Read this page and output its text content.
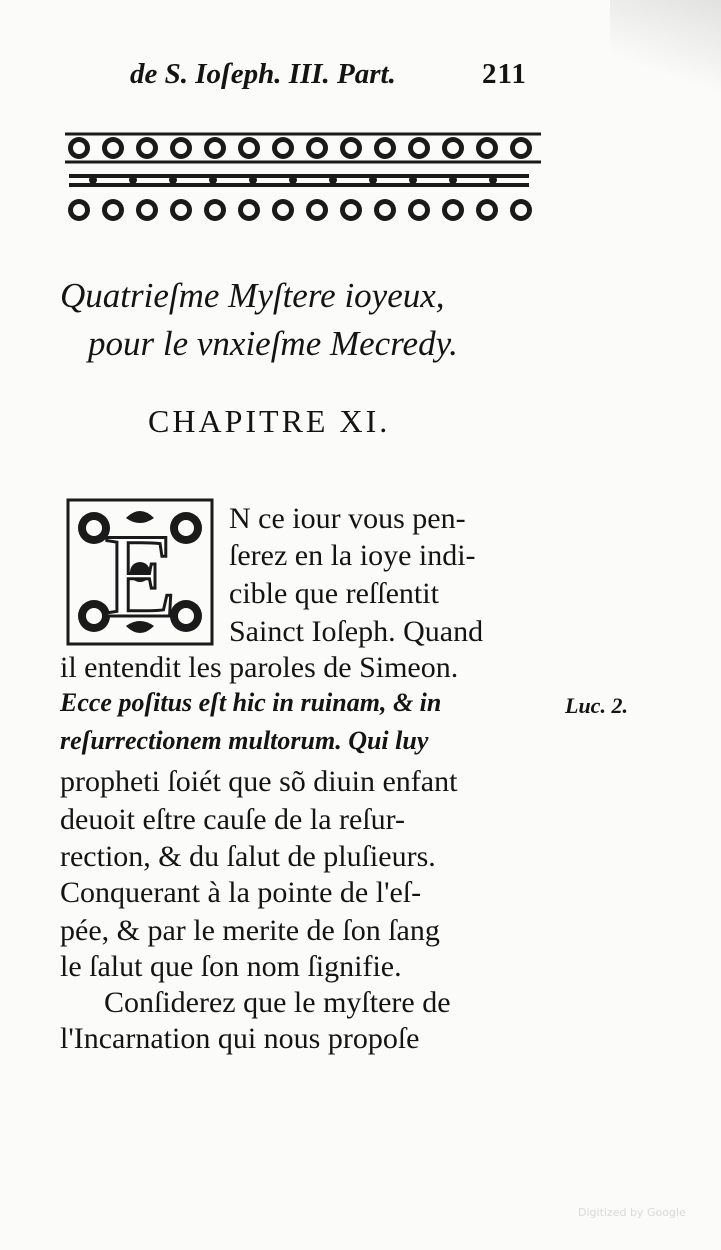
de S. Ioſeph. III. Part.	211
Quatrieſme Myſtere ioyeux,
pour le vnxieſme Mecredy.
CHAPITRE XI.
E N ce iour vous pen-
ſerez en la ioye indi-
cible que reſſentit
Sainct Ioſeph. Quand
il entendit les paroles de Simeon.
Ecce poſitus eſt hic in ruinam, & in
reſurrectionem multorum. Qui luy
propheti ſoiét que sõ diuin enfant
deuoit eſtre cauſe de la reſur-
rection, & du ſalut de pluſieurs.
Conquerant à la pointe de l'eſ-
pée, & par le merite de ſon ſang
le ſalut que ſon nom ſignifie.
Conſiderez que le myſtere de
l'Incarnation qui nous propoſe
Luc. 2.
Digitized by Google
